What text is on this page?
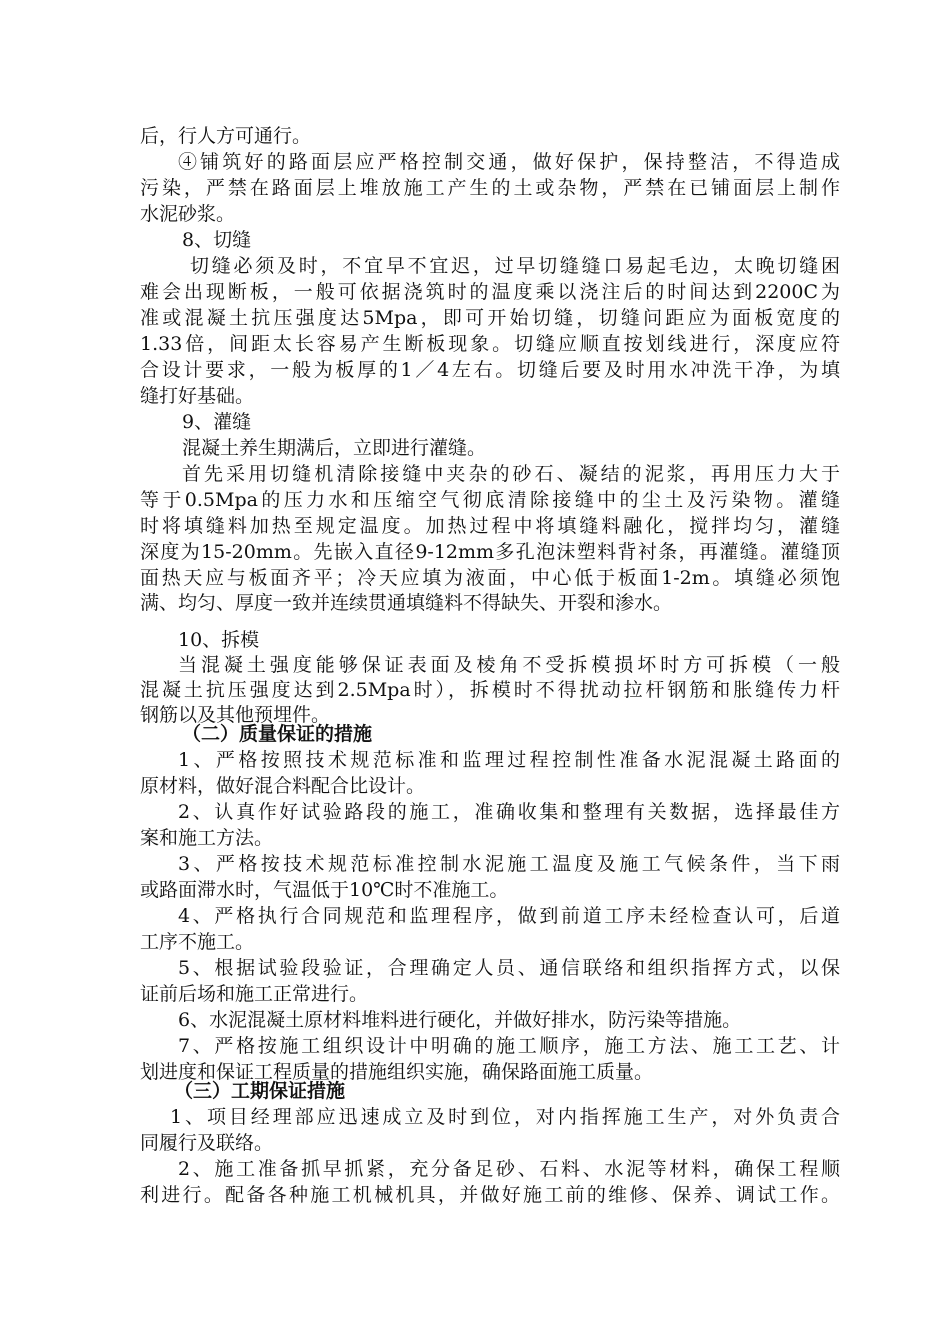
后，行人方可通行。
④铺筑好的路面层应严格控制交通，做好保护，保持整洁，不得造成
污染，严禁在路面层上堆放施工产生的土或杂物，严禁在已铺面层上制作
水泥砂浆。
8、切缝
切缝必须及时，不宜早不宜迟，过早切缝缝口易起毛边，太晚切缝困
难会出现断板，一般可依据浇筑时的温度乘以浇注后的时间达到2200C为
准或混凝土抗压强度达5Mpa，即可开始切缝，切缝问距应为面板宽度的
1.33倍，间距太长容易产生断板现象。切缝应顺直按划线进行，深度应符
合设计要求，一般为板厚的1／4左右。切缝后要及时用水冲洗干净，为填
缝打好基础。
9、灌缝
混凝土养生期满后，立即进行灌缝。
首先采用切缝机清除接缝中夹杂的砂石、凝结的泥浆，再用压力大于
等于0.5Mpa的压力水和压缩空气彻底清除接缝中的尘土及污染物。灌缝
时将填缝料加热至规定温度。加热过程中将填缝料融化，搅拌均匀，灌缝
深度为15-20mm。先嵌入直径9-12mm多孔泡沫塑料背衬条，再灌缝。灌缝顶
面热天应与板面齐平；冷天应填为液面，中心低于板面1-2m。填缝必须饱
满、均匀、厚度一致并连续贯通填缝料不得缺失、开裂和渗水。
10、拆模
当混凝土强度能够保证表面及棱角不受拆模损坏时方可拆模（一般
混凝土抗压强度达到2.5Mpa时），拆模时不得扰动拉杆钢筋和胀缝传力杆
钢筋以及其他预埋件。
（二）质量保证的措施
1、严格按照技术规范标准和监理过程控制性准备水泥混凝土路面的
原材料，做好混合料配合比设计。
2、认真作好试验路段的施工，准确收集和整理有关数据，选择最佳方
案和施工方法。
3、严格按技术规范标准控制水泥施工温度及施工气候条件，当下雨
或路面滞水时，气温低于10℃时不准施工。
4、严格执行合同规范和监理程序，做到前道工序未经检查认可，后道
工序不施工。
5、根据试验段验证，合理确定人员、通信联络和组织指挥方式，以保
证前后场和施工正常进行。
6、水泥混凝土原材料堆料进行硬化，并做好排水，防污染等措施。
7、严格按施工组织设计中明确的施工顺序，施工方法、施工工艺、计
划进度和保证工程质量的措施组织实施，确保路面施工质量。
（三）工期保证措施
1、项目经理部应迅速成立及时到位，对内指挥施工生产，对外负责合
同履行及联络。
2、施工准备抓早抓紧，充分备足砂、石料、水泥等材料，确保工程顺
利进行。配备各种施工机械机具，并做好施工前的维修、保养、调试工作。
